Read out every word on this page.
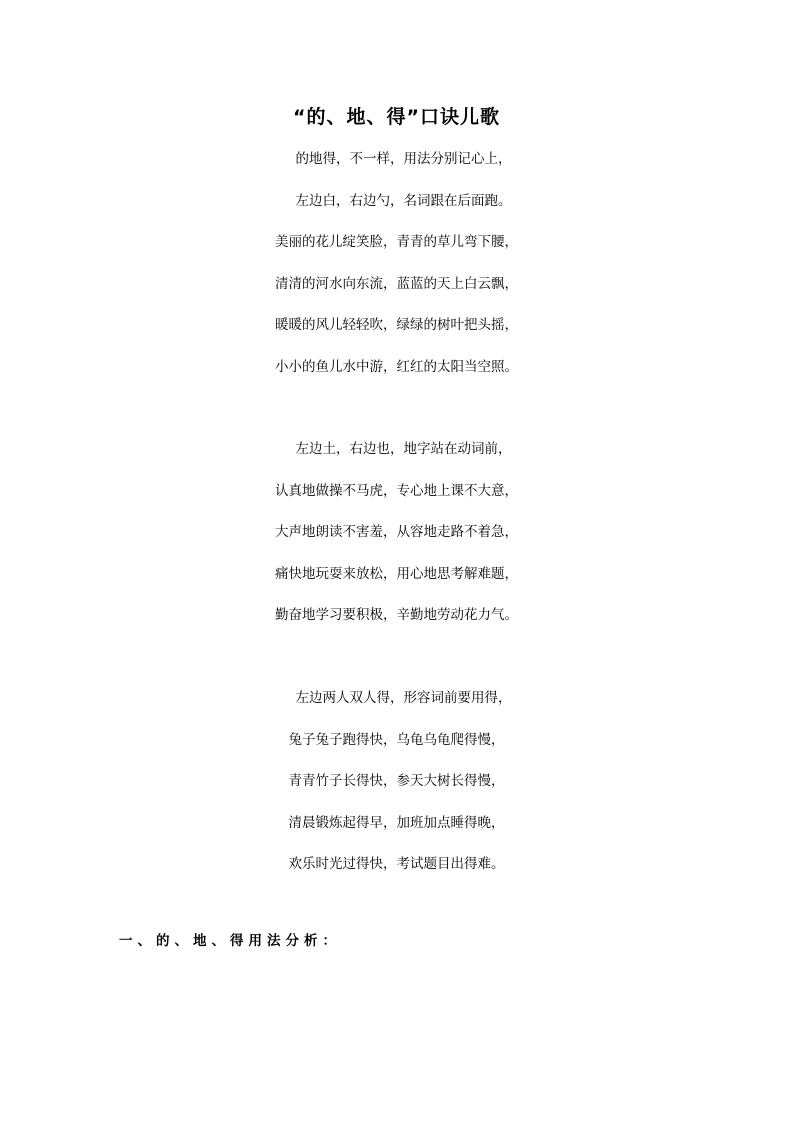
“的、地、得”口诀儿歌
的地得，不一样，用法分别记心上，
左边白，右边勺，名词跟在后面跑。
美丽的花儿绽笑脸，青青的草儿弯下腰，
清清的河水向东流，蓝蓝的天上白云飘，
暖暖的风儿轻轻吹，绿绿的树叶把头摇，
小小的鱼儿水中游，红红的太阳当空照。
左边土，右边也，地字站在动词前，
认真地做操不马虎，专心地上课不大意，
大声地朗读不害羞，从容地走路不着急，
痛快地玩耍来放松，用心地思考解难题，
勤奋地学习要积极，辛勤地劳动花力气。
左边两人双人得，形容词前要用得，
兔子兔子跑得快，乌龟乌龟爬得慢，
青青竹子长得快，参天大树长得慢，
清晨锻炼起得早，加班加点睡得晚，
欢乐时光过得快，考试题目出得难。
一、的、地、得用法分析：
